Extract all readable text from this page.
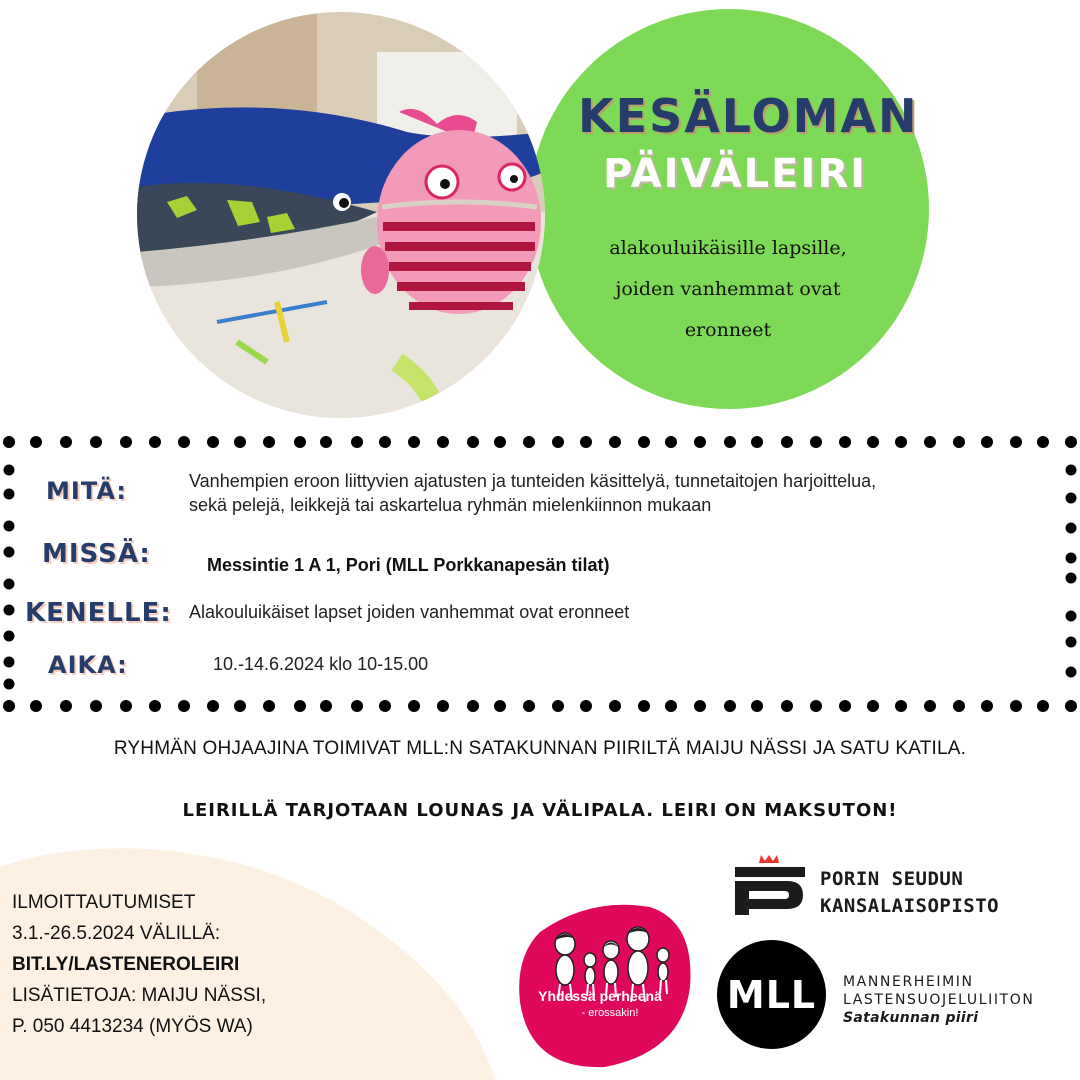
KESÄLOMAN
PÄIVÄLEIRI
alakouluikäisille lapsille,
joiden vanhemmat ovat
eronneet
MITÄ:	Vanhempien eroon liittyvien ajatusten ja tunteiden käsittelyä, tunnetaitojen harjoittelua,
sekä pelejä, leikkejä tai askartelua ryhmän mielenkiinnon mukaan
MISSÄ:	Messintie 1 A 1, Pori (MLL Porkkanapesän tilat)
KENELLE: Alakouluikäiset lapset joiden vanhemmat ovat eronneet
AIKA:	10.-14.6.2024 klo 10-15.00
RYHMÄN OHJAAJINA TOIMIVAT MLL:N SATAKUNNAN PIIRILTÄ MAIJU NÄSSI JA SATU KATILA.
LEIRILLÄ TARJOTAAN LOUNAS JA VÄLIPALA. LEIRI ON MAKSUTON!
ILMOITTAUTUMISET
3.1.-26.5.2024 VÄLILLÄ:
BIT.LY/LASTENEROLEIRI
LISÄTIETOJA: MAIJU NÄSSI,
P. 050 4413234 (MYÖS WA)
Yhdessä perheenä
- erossakin!
PORIN SEUDUN
KANSALAISOPISTO
MLL MANNERHEIMIN
LASTENSUOJELULIITON
Satakunnan piiri
